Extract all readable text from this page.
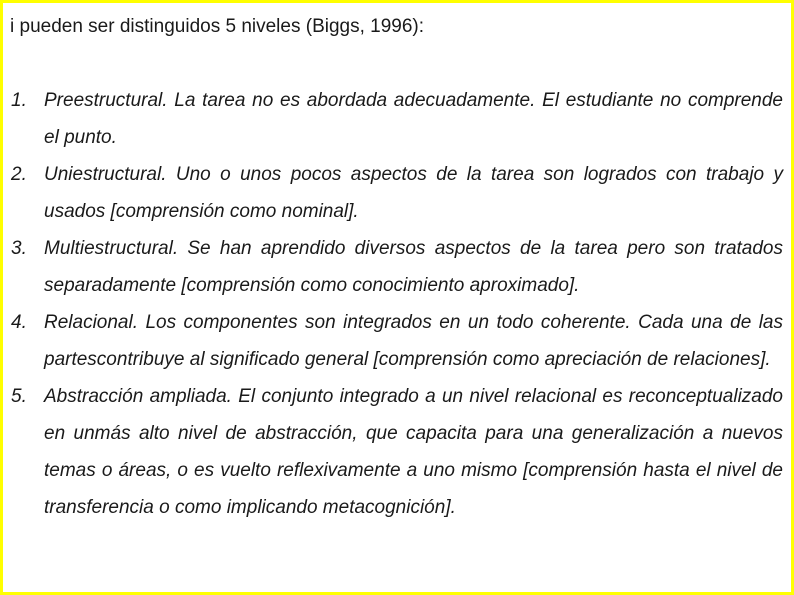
i pueden ser distinguidos 5 niveles (Biggs, 1996):

1. Preestructural. La tarea no es abordada adecuadamente. El estudiante no comprende el punto.
2. Uniestructural. Uno o unos pocos aspectos de la tarea son logrados con trabajo y usados [comprensión como nominal].
3. Multiestructural. Se han aprendido diversos aspectos de la tarea pero son tratados separadamente [comprensión como conocimiento aproximado].
4. Relacional. Los componentes son integrados en un todo coherente. Cada una de las partescontribuye al significado general [comprensión como apreciación de relaciones].
5. Abstracción ampliada. El conjunto integrado a un nivel relacional es reconceptualizado en unmás alto nivel de abstracción, que capacita para una generalización a nuevos temas o áreas, o es vuelto reflexivamente a uno mismo [comprensión hasta el nivel de transferencia o como implicando metacognición].
